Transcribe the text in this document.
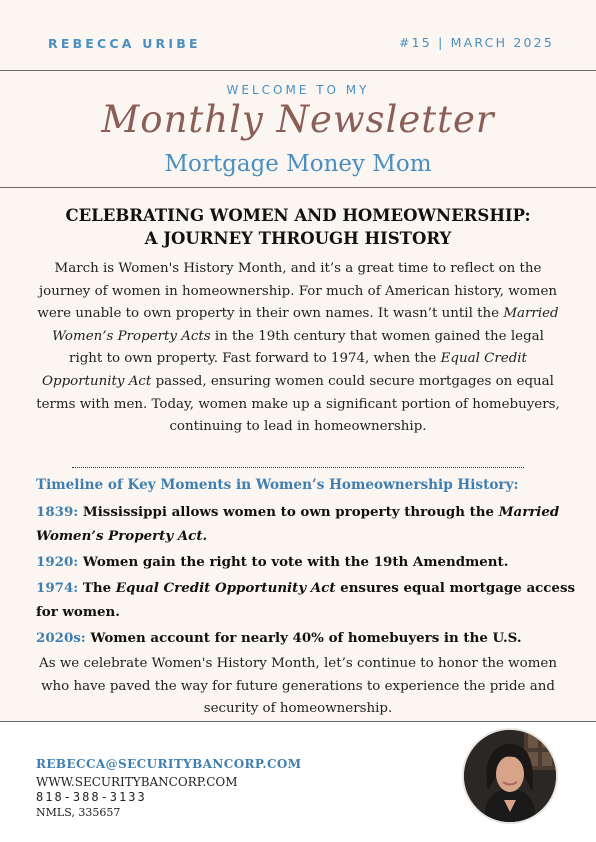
REBECCA URIBE	#15 | MARCH 2025
WELCOME TO MY
Monthly Newsletter
Mortgage Money Mom
CELEBRATING WOMEN AND HOMEOWNERSHIP:
A JOURNEY THROUGH HISTORY
March is Women's History Month, and it’s a great time to reflect on the journey of women in homeownership. For much of American history, women were unable to own property in their own names. It wasn’t until the Married Women’s Property Acts in the 19th century that women gained the legal right to own property. Fast forward to 1974, when the Equal Credit Opportunity Act passed, ensuring women could secure mortgages on equal terms with men. Today, women make up a significant portion of homebuyers, continuing to lead in homeownership.
Timeline of Key Moments in Women’s Homeownership History:
1839: Mississippi allows women to own property through the Married Women’s Property Act.
1920: Women gain the right to vote with the 19th Amendment.
1974: The Equal Credit Opportunity Act ensures equal mortgage access for women.
2020s: Women account for nearly 40% of homebuyers in the U.S.
As we celebrate Women's History Month, let’s continue to honor the women who have paved the way for future generations to experience the pride and security of homeownership.
REBECCA@SECURITYBANCORP.COM
WWW.SECURITYBANCORP.COM
818-388-3133
NMLS, 335657
